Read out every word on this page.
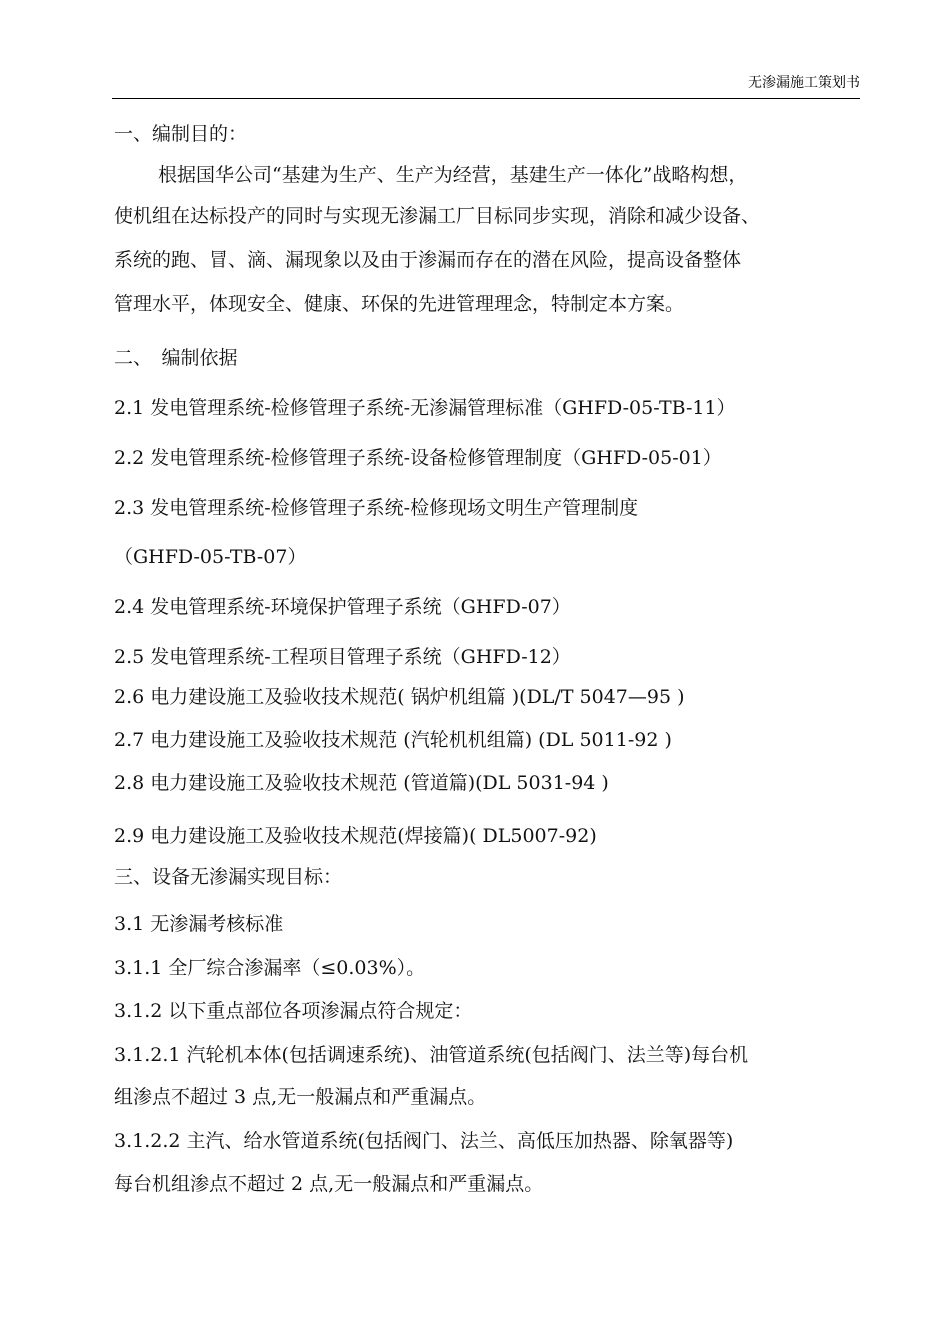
无渗漏施工策划书
一、编制目的：
根据国华公司“基建为生产、生产为经营，基建生产一体化”战略构想，
使机组在达标投产的同时与实现无渗漏工厂目标同步实现，消除和减少设备、
系统的跑、冒、滴、漏现象以及由于渗漏而存在的潜在风险，提高设备整体
管理水平，体现安全、健康、环保的先进管理理念，特制定本方案。
二、　编制依据
2.1 发电管理系统-检修管理子系统-无渗漏管理标准（GHFD-05-TB-11）
2.2 发电管理系统-检修管理子系统-设备检修管理制度（GHFD-05-01）
2.3 发电管理系统-检修管理子系统-检修现场文明生产管理制度
（GHFD-05-TB-07）
2.4 发电管理系统-环境保护管理子系统（GHFD-07）
2.5 发电管理系统-工程项目管理子系统（GHFD-12）
2.6 电力建设施工及验收技术规范( 锅炉机组篇 )(DL/T 5047—95 )
2.7 电力建设施工及验收技术规范 (汽轮机机组篇) (DL 5011-92 )
2.8 电力建设施工及验收技术规范 (管道篇)(DL 5031-94 )
2.9 电力建设施工及验收技术规范(焊接篇)( DL5007-92)
三、设备无渗漏实现目标：
3.1 无渗漏考核标准
3.1.1 全厂综合渗漏率（≤0.03%）。
3.1.2 以下重点部位各项渗漏点符合规定：
3.1.2.1 汽轮机本体(包括调速系统)、油管道系统(包括阀门、法兰等)每台机
组渗点不超过 3 点,无一般漏点和严重漏点。
3.1.2.2 主汽、给水管道系统(包括阀门、法兰、高低压加热器、除氧器等)
每台机组渗点不超过 2 点,无一般漏点和严重漏点。
